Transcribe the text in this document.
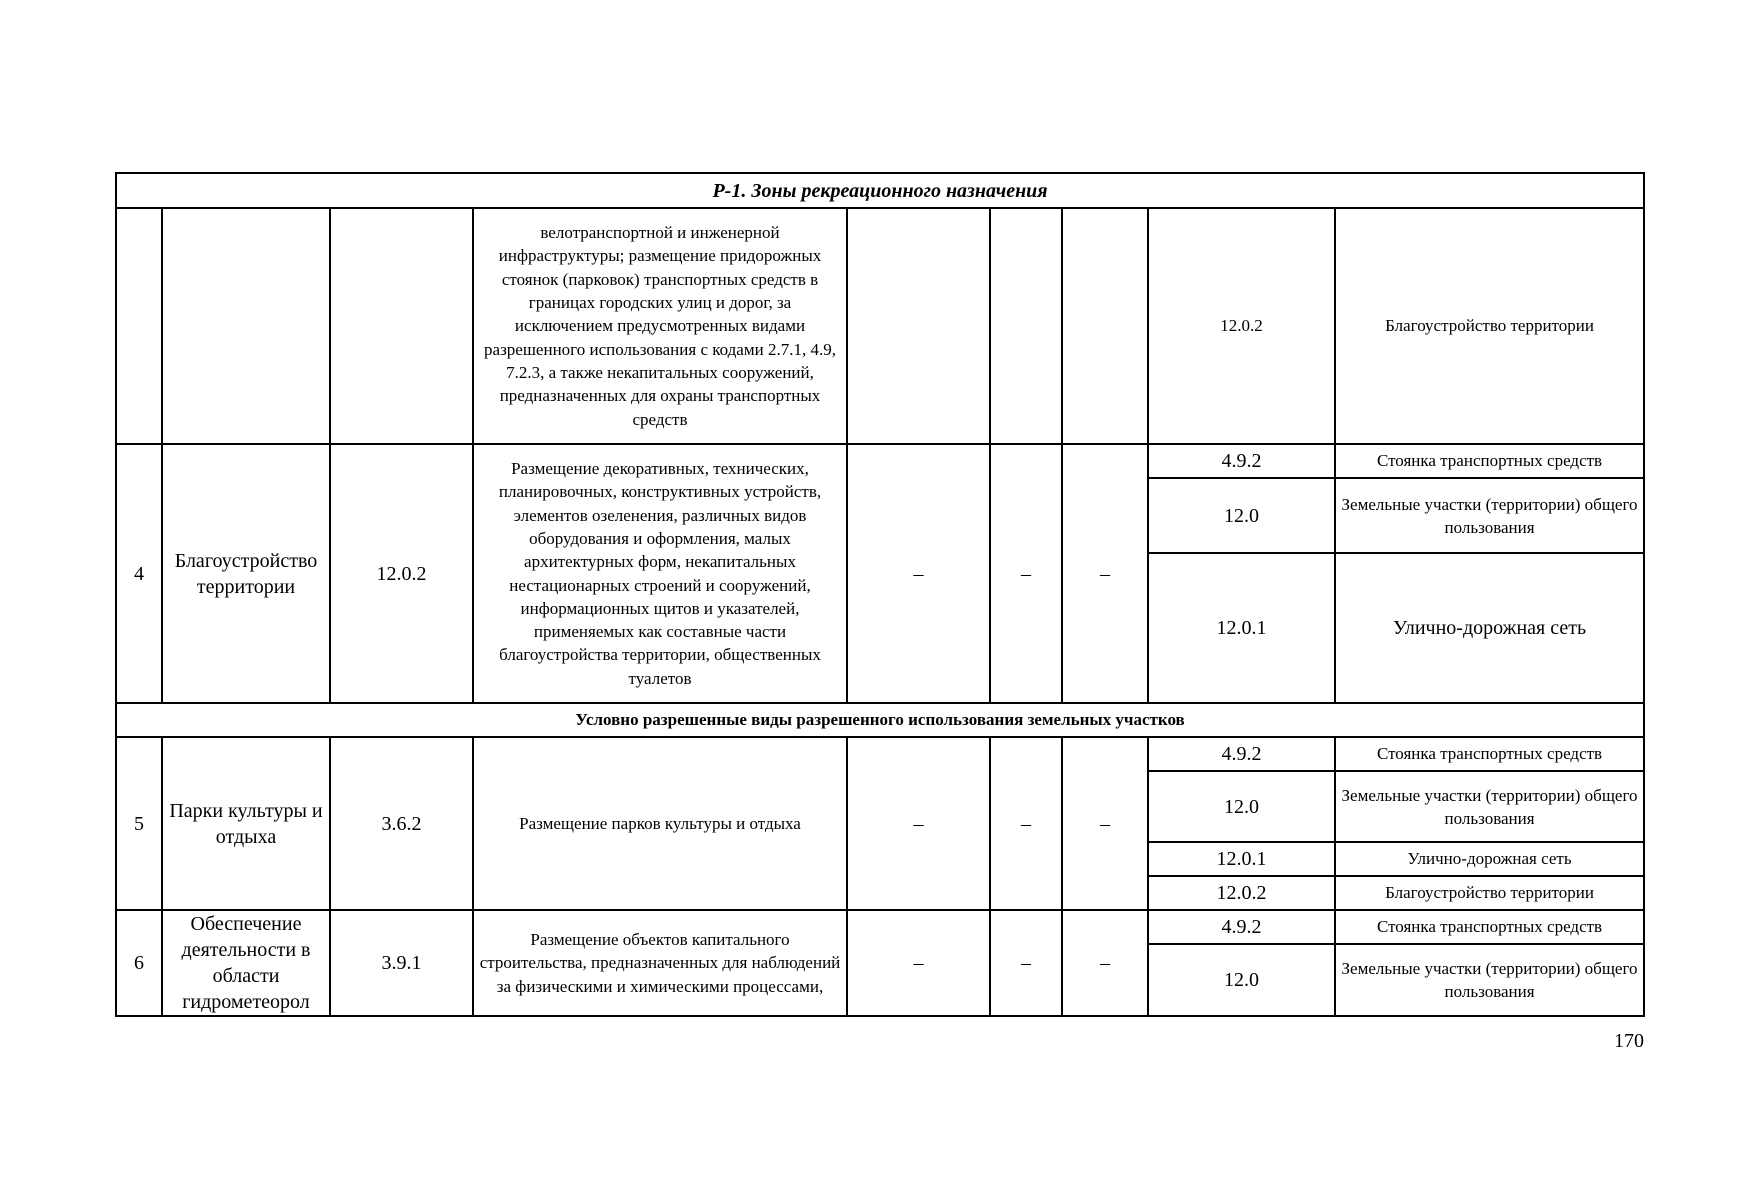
Р-1. Зоны рекреационного назначения								
			велотранспортной и инженерной инфраструктуры; размещение придорожных стоянок (парковок) транспортных средств в границах городских улиц и дорог, за исключением предусмотренных видами разрешенного использования с кодами 2.7.1, 4.9, 7.2.3, а также некапитальных сооружений, предназначенных для охраны транспортных средств				12.0.2	Благоустройство территории
4	Благоустройство территории	12.0.2	Размещение декоративных, технических, планировочных, конструктивных устройств, элементов озеленения, различных видов оборудования и оформления, малых архитектурных форм, некапитальных нестационарных строений и сооружений, информационных щитов и указателей, применяемых как составные части благоустройства территории, общественных туалетов	–	–	–	4.9.2	Стоянка транспортных средств
							12.0	Земельные участки (территории) общего пользования
							12.0.1	Улично-дорожная сеть
Условно разрешенные виды разрешенного использования земельных участков								
5	Парки культуры и отдыха	3.6.2	Размещение парков культуры и отдыха	–	–	–	4.9.2	Стоянка транспортных средств
							12.0	Земельные участки (территории) общего пользования
							12.0.1	Улично-дорожная сеть
							12.0.2	Благоустройство территории
6	Обеспечение деятельности в области гидрометеорол	3.9.1	Размещение объектов капитального строительства, предназначенных для наблюдений за физическими и химическими процессами,	–	–	–	4.9.2	Стоянка транспортных средств
							12.0	Земельные участки (территории) общего пользования
170
